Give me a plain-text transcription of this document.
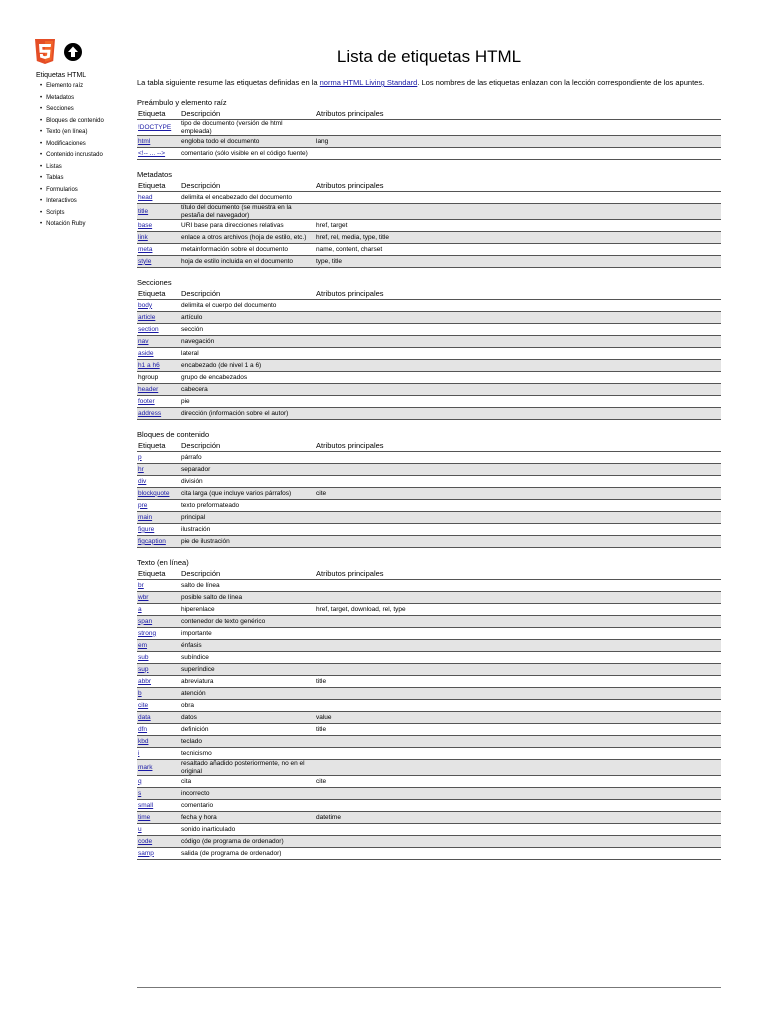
Etiquetas HTML
• Elemento raíz
• Metadatos
• Secciones
• Bloques de contenido
• Texto (en línea)
• Modificaciones
• Contenido incrustado
• Listas
• Tablas
• Formularios
• Interactivos
• Scripts
• Notación Ruby
Lista de etiquetas HTML

La tabla siguiente resume las etiquetas definidas en la norma HTML Living Standard. Los nombres de las etiquetas enlazan con la lección correspondiente de los apuntes.

Preámbulo y elemento raíz
Etiqueta	Descripción	Atributos principales
!DOCTYPE	tipo de documento (versión de html empleada)	
html	engloba todo el documento	lang
<!-- ... -->	comentario (sólo visible en el código fuente)	
Metadatos
Etiqueta	Descripción	Atributos principales
head	delimita el encabezado del documento	
title	título del documento (se muestra en la pestaña del navegador)	
base	URI base para direcciones relativas	href, target
link	enlace a otros archivos (hoja de estilo, etc.)	href, rel, media, type, title
meta	metainformación sobre el documento	name, content, charset
style	hoja de estilo incluida en el documento	type, title
Secciones
Etiqueta	Descripción	Atributos principales
body	delimita el cuerpo del documento	
article	artículo	
section	sección	
nav	navegación	
aside	lateral	
h1 a h6	encabezado (de nivel 1 a 6)	
hgroup	grupo de encabezados	
header	cabecera	
footer	pie	
address	dirección (información sobre el autor)	
Bloques de contenido
Etiqueta	Descripción	Atributos principales
p	párrafo	
hr	separador	
div	división	
blockquote	cita larga (que incluye varios párrafos)	cite
pre	texto preformateado	
main	principal	
figure	ilustración	
figcaption	pie de ilustración	
Texto (en línea)
Etiqueta	Descripción	Atributos principales
br	salto de línea	
wbr	posible salto de línea	
a	hiperenlace	href, target, download, rel, type
span	contenedor de texto genérico	
strong	importante	
em	énfasis	
sub	subíndice	
sup	superíndice	
abbr	abreviatura	title
b	atención	
cite	obra	
data	datos	value
dfn	definición	title
kbd	teclado	
i	tecnicismo	
mark	resaltado añadido posteriormente, no en el original	
q	cita	cite
s	incorrecto	
small	comentario	
time	fecha y hora	datetime
u	sonido inarticulado	
code	código (de programa de ordenador)	
samp	salida (de programa de ordenador)	
